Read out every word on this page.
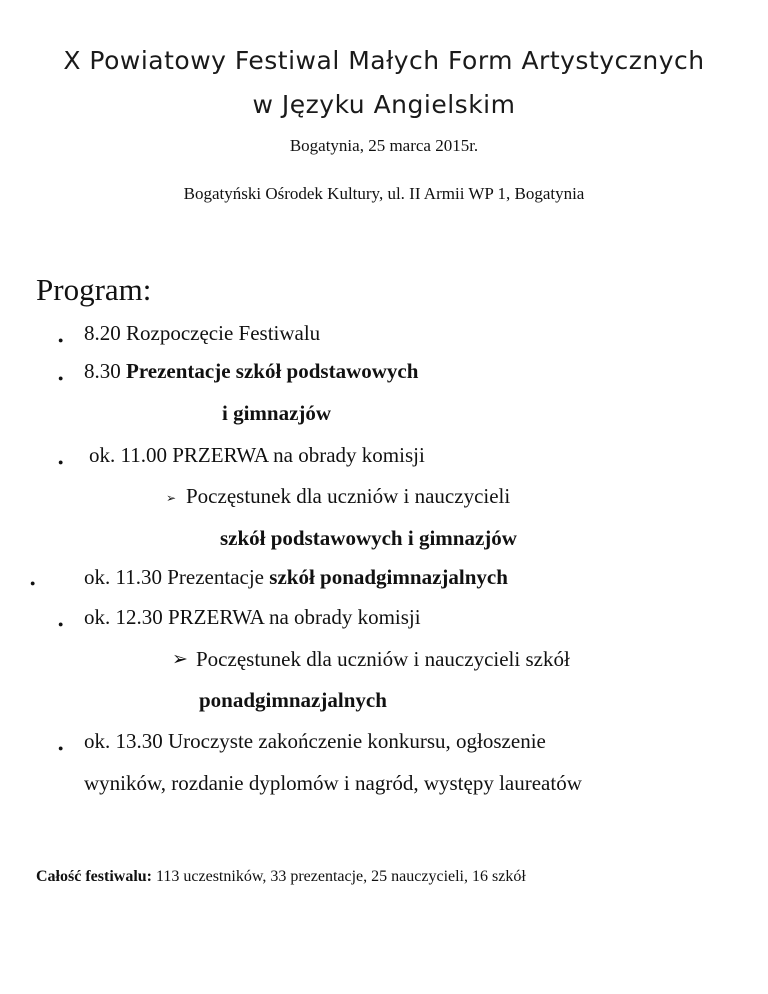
X Powiatowy Festiwal Małych Form Artystycznych
w Języku Angielskim
Bogatynia, 25 marca 2015r.
Bogatyński Ośrodek Kultury, ul. II Armii WP 1, Bogatynia
Program:
● 8.20 Rozpoczęcie Festiwalu
● 8.30 Prezentacje szkół podstawowych
i gimnazjów
● ok. 11.00 PRZERWA na obrady komisji
➢ Poczęstunek dla uczniów i nauczycieli
szkół podstawowych i gimnazjów
● ok. 11.30 Prezentacje szkół ponadgimnazjalnych
● ok. 12.30 PRZERWA na obrady komisji
➢ Poczęstunek dla uczniów i nauczycieli szkół
ponadgimnazjalnych
● ok. 13.30 Uroczyste zakończenie konkursu, ogłoszenie
wyników, rozdanie dyplomów i nagród, występy laureatów
Całość festiwalu: 113 uczestników, 33 prezentacje, 25 nauczycieli, 16 szkół
